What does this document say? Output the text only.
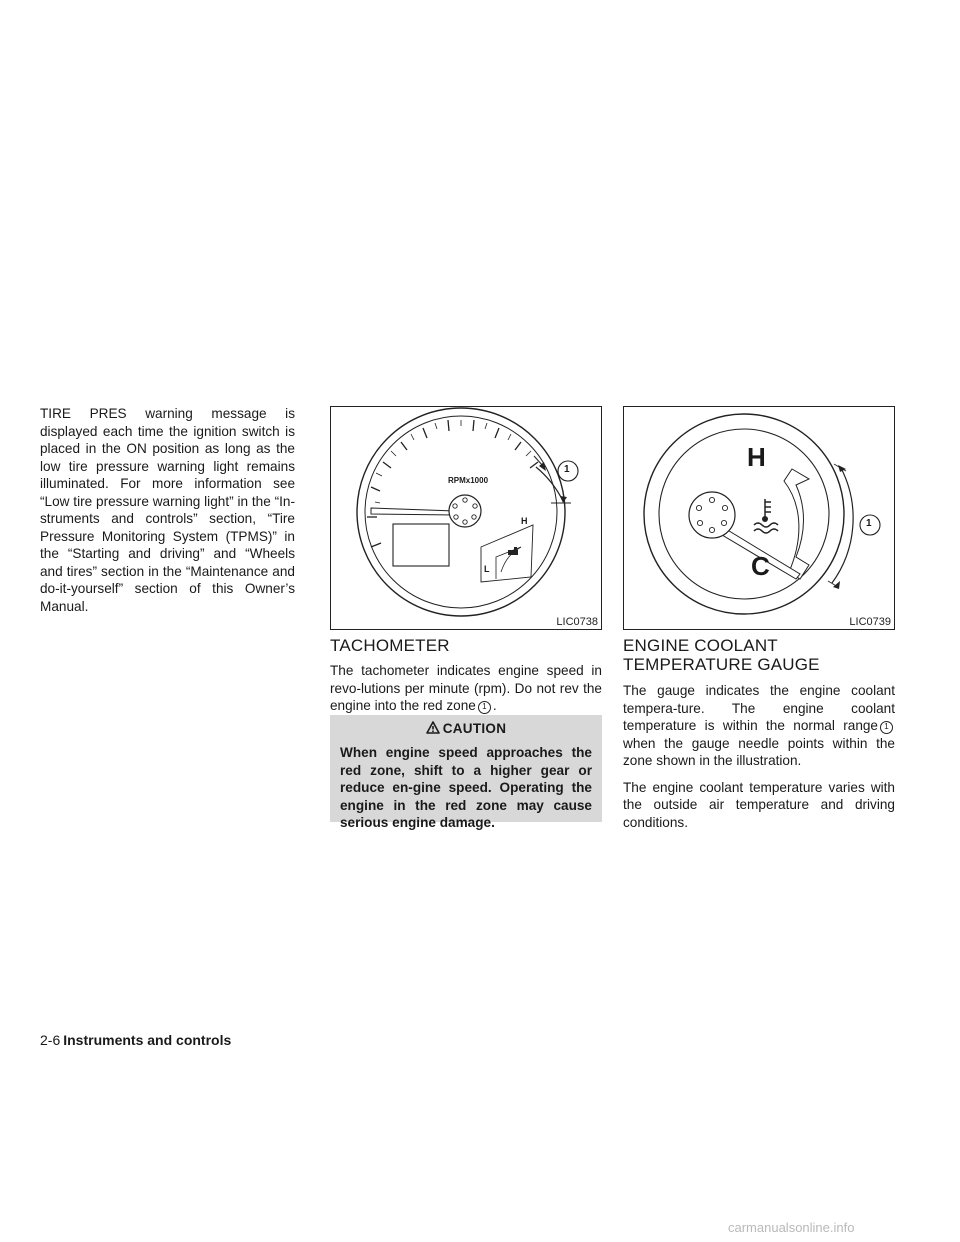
TIRE PRES warning message is displayed each time the ignition switch is placed in the ON position as long as the low tire pressure warning light remains illuminated. For more information see “Low tire pressure warning light” in the “In-struments and controls” section, “Tire Pressure Monitoring System (TPMS)” in the “Starting and driving” and “Wheels and tires” section in the “Maintenance and do-it-yourself” section of this Owner’s Manual.

RPMx1000
1
H
L
LIC0738
H
C
1
LIC0739
TACHOMETER

The tachometer indicates engine speed in revo-lutions per minute (rpm). Do not rev the engine into the red zone 1 .

CAUTION
When engine speed approaches the red zone, shift to a higher gear or reduce en-gine speed. Operating the engine in the red zone may cause serious engine damage.
ENGINE COOLANT TEMPERATURE GAUGE

The gauge indicates the engine coolant tempera-ture. The engine coolant temperature is within the normal range 1when the gauge needle points within the zone shown in the illustration.

The engine coolant temperature varies with the outside air temperature and driving conditions.

2-6 Instruments and controls
carmanualsonline.info
